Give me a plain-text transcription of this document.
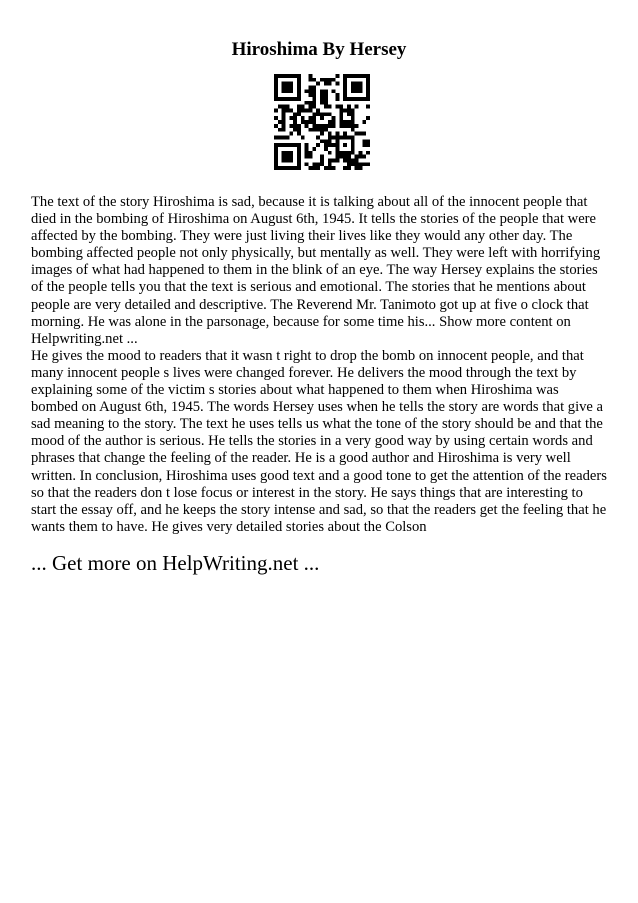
Hiroshima By Hersey

The text of the story Hiroshima is sad, because it is talking about all of the innocent people that died in the bombing of Hiroshima on August 6th, 1945. It tells the stories of the people that were affected by the bombing. They were just living their lives like they would any other day. The bombing affected people not only physically, but mentally as well. They were left with horrifying images of what had happened to them in the blink of an eye. The way Hersey explains the stories of the people tells you that the text is serious and emotional. The stories that he mentions about people are very detailed and descriptive. The Reverend Mr. Tanimoto got up at five o clock that morning. He was alone in the parsonage, because for some time his... Show more content on Helpwriting.net ...

He gives the mood to readers that it wasn t right to drop the bomb on innocent people, and that many innocent people s lives were changed forever. He delivers the mood through the text by explaining some of the victim s stories about what happened to them when Hiroshima was bombed on August 6th, 1945. The words Hersey uses when he tells the story are words that give a sad meaning to the story. The text he uses tells us what the tone of the story should be and that the mood of the author is serious. He tells the stories in a very good way by using certain words and phrases that change the feeling of the reader. He is a good author and Hiroshima is very well written. In conclusion, Hiroshima uses good text and a good tone to get the attention of the readers so that the readers don t lose focus or interest in the story. He says things that are interesting to start the essay off, and he keeps the story intense and sad, so that the readers get the feeling that he wants them to have. He gives very detailed stories about the Colson

... Get more on HelpWriting.net ...
